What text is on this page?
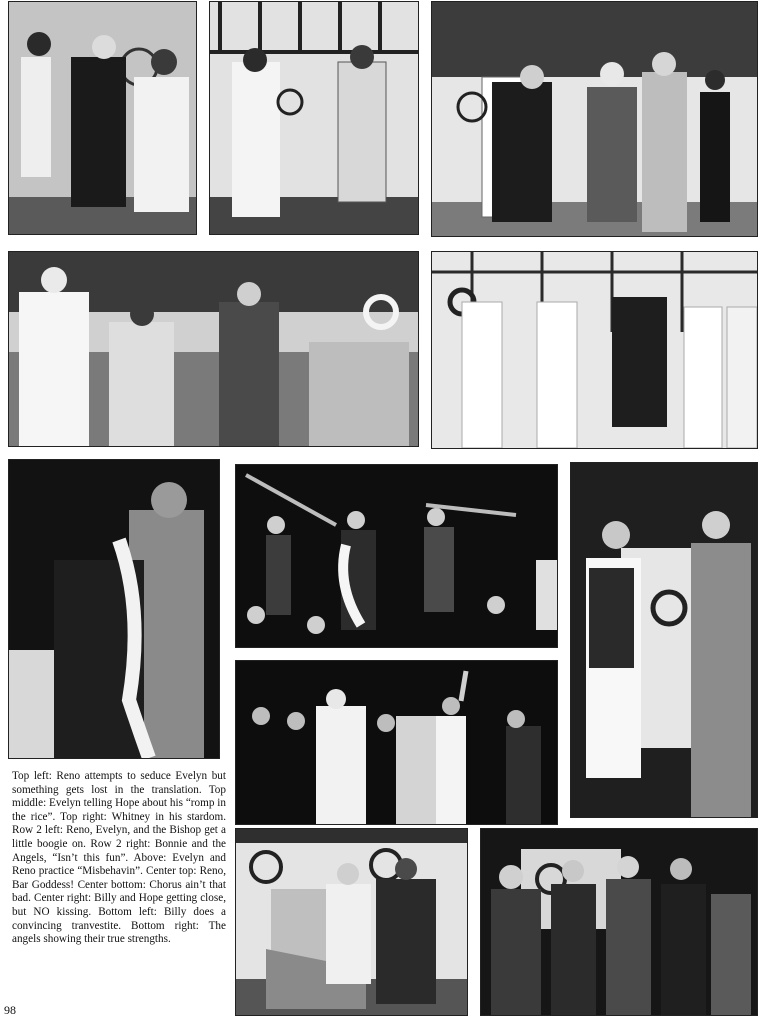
Top left: Reno attempts to seduce Evelyn but something gets lost in the translation. Top middle: Evelyn telling Hope about his “romp in the rice”. Top right: Whitney in his stardom. Row 2 left: Reno, Evelyn, and the Bishop get a little boogie on. Row 2 right: Bonnie and the Angels, “Isn’t this fun”. Above: Evelyn and Reno practice “Misbehavin”. Center top: Reno, Bar Goddess! Center bottom: Chorus ain’t that bad. Center right: Billy and Hope getting close, but NO kissing. Bottom left: Billy does a convincing tranvestite. Bottom right: The angels showing their true strengths.
98
